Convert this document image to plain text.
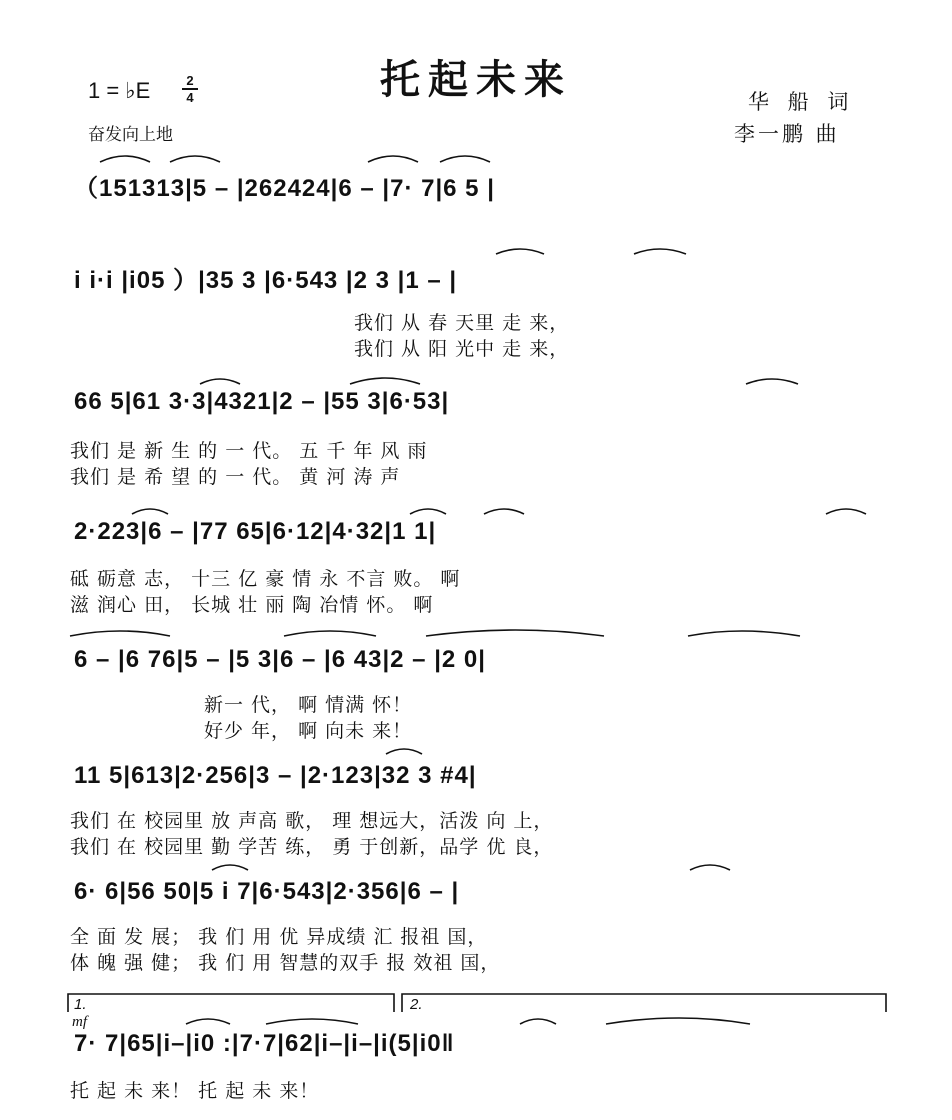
托起未来
1 = ♭E	2
4
奋发向上地
华 船 词
李一鹏 曲
（151313|5 – |262424|6 – |7· 7|6 5 |
i i·i |i05 ）|35 3 |6·543 |2 3 |1 – |
我们 从 春 天里 走 来，
我们 从 阳 光中 走 来，
66 5|61 3·3|4321|2 – |55 3|6·53|
我们 是 新 生 的 一 代。 五 千 年 风 雨
我们 是 希 望 的 一 代。 黄 河 涛 声
2·223|6 – |77 65|6·12|4·32|1 1|
砥 砺意 志， 十三 亿 豪 情 永 不言 败。 啊
滋 润心 田， 长城 壮 丽 陶 冶情 怀。 啊
6 – |6 76|5 – |5 3|6 – |6 43|2 – |2 0|
新一 代， 啊 情满 怀！
好少 年， 啊 向未 来！
11 5|613|2·256|3 – |2·123|32 3 #4|
我们 在 校园里 放 声高 歌， 理 想远大，活泼 向 上，
我们 在 校园里 勤 学苦 练， 勇 于创新，品学 优 良，
6· 6|56 50|5 i 7|6·543|2·356|6 – |
全 面 发 展； 我 们 用 优 异成绩 汇 报祖 国，
体 魄 强 健； 我 们 用 智慧的双手 报 效祖 国，
1.	2.
mf
7· 7|65|i–|i0 :|7·7|62|i–|i–|i(5|i0‖
托 起 未 来！ 托 起 未 来！
